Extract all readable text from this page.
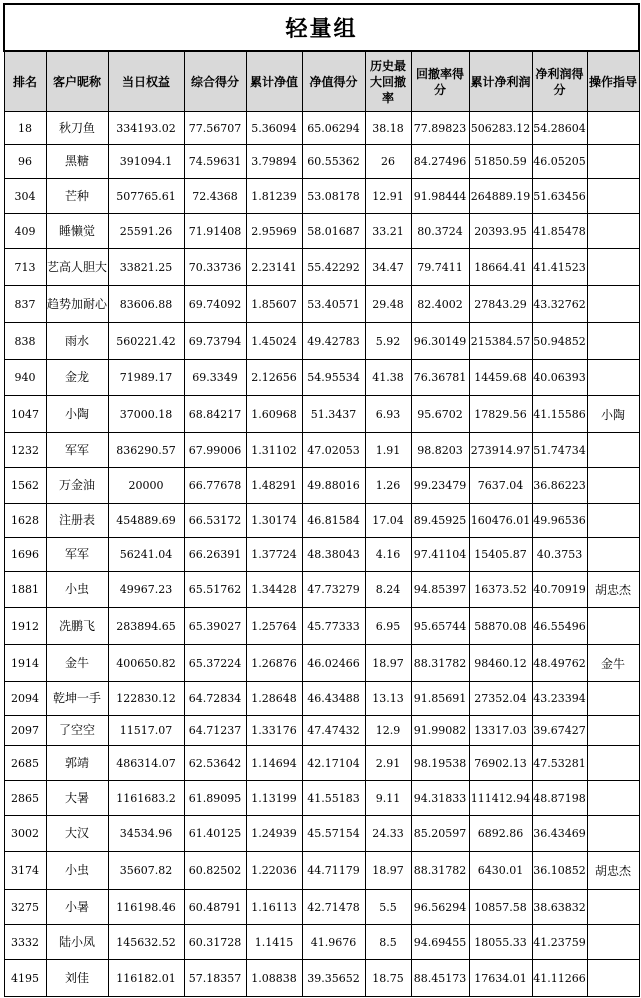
轻量组										
排名	客户昵称	当日权益	综合得分	累计净值	净值得分	历史最大回撤率	回撤率得分	累计净利润	净利润得分	操作指导
18	秋刀鱼	334193.02	77.56707	5.36094	65.06294	38.18	77.89823	506283.12	54.28604	
96	黑糖	391094.1	74.59631	3.79894	60.55362	26	84.27496	51850.59	46.05205	
304	芒种	507765.61	72.4368	1.81239	53.08178	12.91	91.98444	264889.19	51.63456	
409	睡懒觉	25591.26	71.91408	2.95969	58.01687	33.21	80.3724	20393.95	41.85478	
713	艺高人胆大	33821.25	70.33736	2.23141	55.42292	34.47	79.7411	18664.41	41.41523	
837	趋势加耐心	83606.88	69.74092	1.85607	53.40571	29.48	82.4002	27843.29	43.32762	
838	雨水	560221.42	69.73794	1.45024	49.42783	5.92	96.30149	215384.57	50.94852	
940	金龙	71989.17	69.3349	2.12656	54.95534	41.38	76.36781	14459.68	40.06393	
1047	小陶	37000.18	68.84217	1.60968	51.3437	6.93	95.6702	17829.56	41.15586	小陶
1232	军军	836290.57	67.99006	1.31102	47.02053	1.91	98.8203	273914.97	51.74734	
1562	万金油	20000	66.77678	1.48291	49.88016	1.26	99.23479	7637.04	36.86223	
1628	注册表	454889.69	66.53172	1.30174	46.81584	17.04	89.45925	160476.01	49.96536	
1696	军军	56241.04	66.26391	1.37724	48.38043	4.16	97.41104	15405.87	40.3753	
1881	小虫	49967.23	65.51762	1.34428	47.73279	8.24	94.85397	16373.52	40.70919	胡忠杰
1912	冼鹏飞	283894.65	65.39027	1.25764	45.77333	6.95	95.65744	58870.08	46.55496	
1914	金牛	400650.82	65.37224	1.26876	46.02466	18.97	88.31782	98460.12	48.49762	金牛
2094	乾坤一手	122830.12	64.72834	1.28648	46.43488	13.13	91.85691	27352.04	43.23394	
2097	了空空	11517.07	64.71237	1.33176	47.47432	12.9	91.99082	13317.03	39.67427	
2685	郭靖	486314.07	62.53642	1.14694	42.17104	2.91	98.19538	76902.13	47.53281	
2865	大暑	1161683.2	61.89095	1.13199	41.55183	9.11	94.31833	111412.94	48.87198	
3002	大汉	34534.96	61.40125	1.24939	45.57154	24.33	85.20597	6892.86	36.43469	
3174	小虫	35607.82	60.82502	1.22036	44.71179	18.97	88.31782	6430.01	36.10852	胡忠杰
3275	小暑	116198.46	60.48791	1.16113	42.71478	5.5	96.56294	10857.58	38.63832	
3332	陆小凤	145632.52	60.31728	1.1415	41.9676	8.5	94.69455	18055.33	41.23759	
4195	刘佳	116182.01	57.18357	1.08838	39.35652	18.75	88.45173	17634.01	41.11266	
